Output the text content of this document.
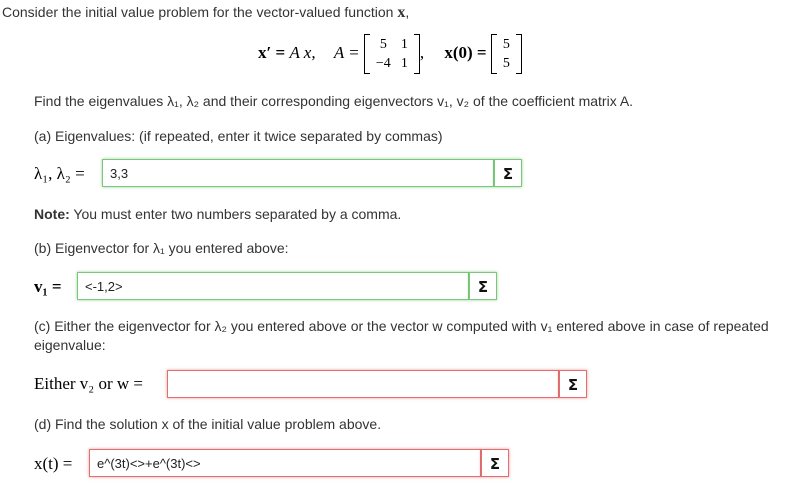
Consider the initial value problem for the vector-valued function x,
x′ = A x, A = 5	1
−4	1
, x(0) = 5
5
Find the eigenvalues λ₁, λ₂ and their corresponding eigenvectors v₁, v₂ of the coefficient matrix A.
(a) Eigenvalues: (if repeated, enter it twice separated by commas)
λ₁, λ₂ =	3,3	Σ
Note: You must enter two numbers separated by a comma.
(b) Eigenvector for λ₁ you entered above:
v₁ =	<-1,2>	Σ
(c) Either the eigenvector for λ₂ you entered above or the vector w computed with v₁ entered above in case of repeated
eigenvalue:
Either v₂ or w =	Σ
(d) Find the solution x of the initial value problem above.
x(t) =	e^(3t)<>+e^(3t)<>	Σ
